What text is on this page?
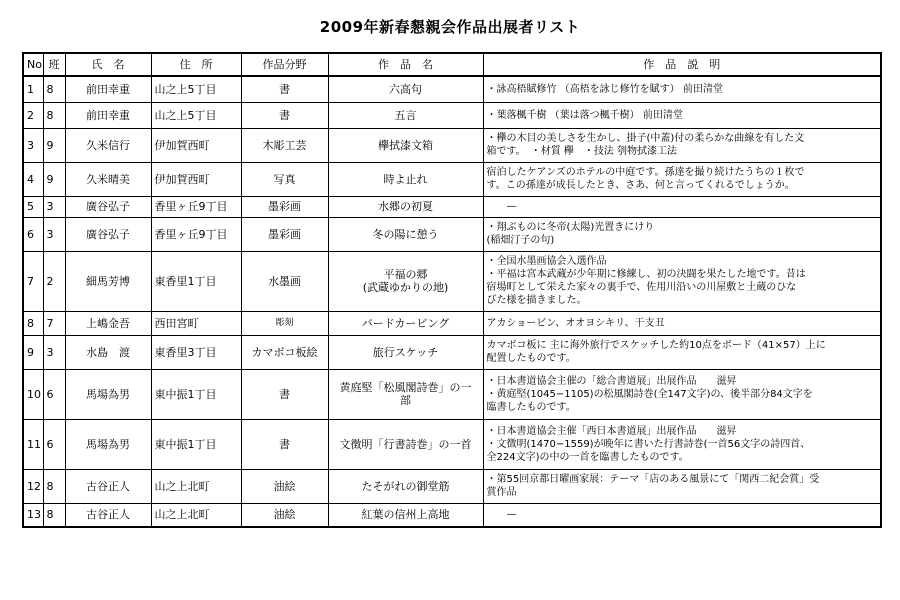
2009年新春懇親会作品出展者リスト
No	班	氏　名	住　所	作品分野	作　品　名	作　品　説　明
1	8	前田幸重	山之上5丁目	書	六高句	・詠高梧賦修竹 （高梧を詠じ修竹を賦す） 前田清堂

2	8	前田幸重	山之上5丁目	書	五言	・葉落楓千樹 （葉は落つ楓千樹） 前田清堂

3	9	久米信行	伊加賀西町	木彫工芸	欅拭漆文箱	・欅の木目の美しさを生かし、掛子(中蓋)付の柔らかな曲線を有した文
箱です。　・材質 欅　・技法 刳物拭漆工法

4	9	久米晴美	伊加賀西町	写真	時よ止れ	宿泊したケアンズのホテルの中庭です。孫達を撮り続けたうちの１枚で
す。この孫達が成長したとき、さあ、何と言ってくれるでしょうか。

5	3	廣谷弘子	香里ヶ丘9丁目	墨彩画	水郷の初夏	　　—

6	3	廣谷弘子	香里ヶ丘9丁目	墨彩画	冬の陽に憩う	・翔ぶものに冬帝(太陽)光置きにけり
(稲畑汀子の句)

7	2	細馬芳博	東香里1丁目	水墨画	平福の郷
(武蔵ゆかりの地)	・全国水墨画協会入選作品
・平福は宮本武蔵が少年期に修練し、初の決闘を果たした地です。昔は
宿場町として栄えた家々の裏手で、佐用川沿いの川屋敷と土蔵のひな
びた様を描きました。

8	7	上嶋金吾	西田宮町	彫刻	バードカービング	アカショービン、オオヨシキリ、干支丑

9	3	水島　渡	東香里3丁目	カマボコ板絵	旅行スケッチ	カマボコ板に 主に海外旅行でスケッチした約10点をボード（41×57）上に
配置したものです。

10	6	馬場為男	東中振1丁目	書	黄庭堅「松風閣詩巻」の一
部	・日本書道協会主催の「総合書道展」出展作品　　滋昇
・黄庭堅(1045−1105)の松風閣詩巻(全147文字)の、後半部分84文字を
臨書したものです。

11	6	馬場為男	東中振1丁目	書	文徴明「行書詩巻」の一首	・日本書道協会主催「西日本書道展」出展作品　　滋昇
・文徴明(1470−1559)が晩年に書いた行書詩巻(一首56文字の詩四首、
全224文字)の中の一首を臨書したものです。

12	8	古谷正人	山之上北町	油絵	たそがれの御堂筋	・第55回京都日曜画家展：テーマ「店のある風景にて「関西二紀会賞」受
賞作品

13	8	古谷正人	山之上北町	油絵	紅葉の信州上高地	　　—
